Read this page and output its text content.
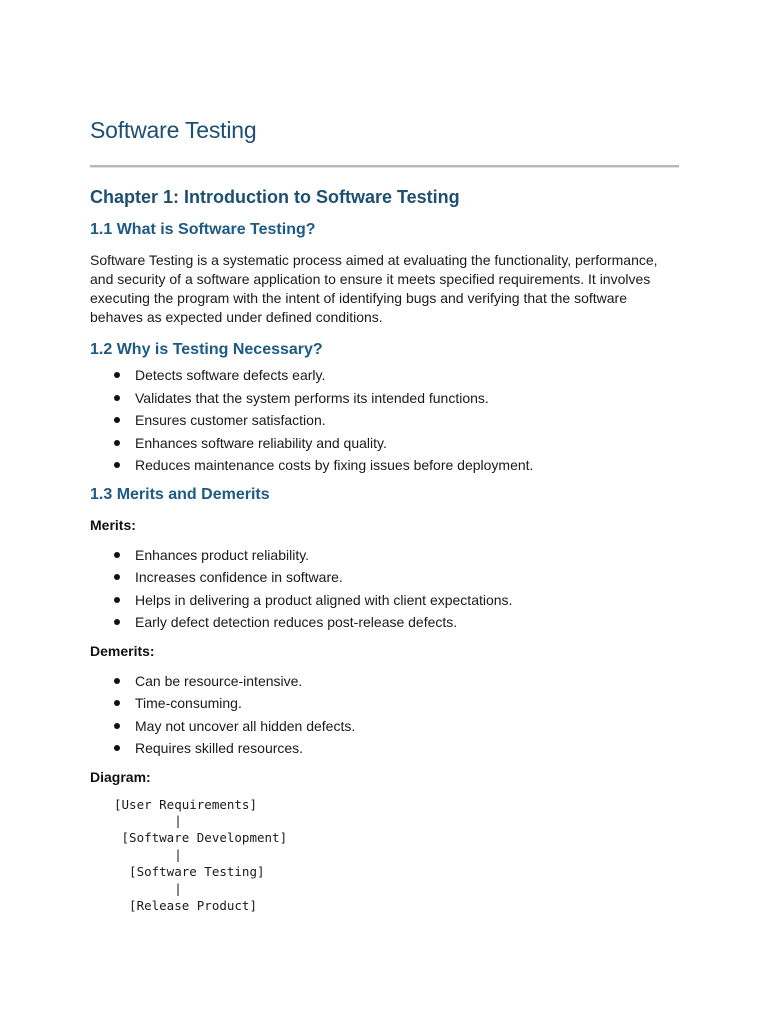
Software Testing
Chapter 1: Introduction to Software Testing
1.1 What is Software Testing?

Software Testing is a systematic process aimed at evaluating the functionality, performance, and security of a software application to ensure it meets specified requirements. It involves executing the program with the intent of identifying bugs and verifying that the software behaves as expected under defined conditions.

1.2 Why is Testing Necessary?
Detects software defects early.
Validates that the system performs its intended functions.
Ensures customer satisfaction.
Enhances software reliability and quality.
Reduces maintenance costs by fixing issues before deployment.
1.3 Merits and Demerits

Merits:

Enhances product reliability.
Increases confidence in software.
Helps in delivering a product aligned with client expectations.
Early defect detection reduces post-release defects.

Demerits:

Can be resource-intensive.
Time-consuming.
May not uncover all hidden defects.
Requires skilled resources.

Diagram:

[User Requirements]
|
[Software Development]
|
[Software Testing]
|
[Release Product]
